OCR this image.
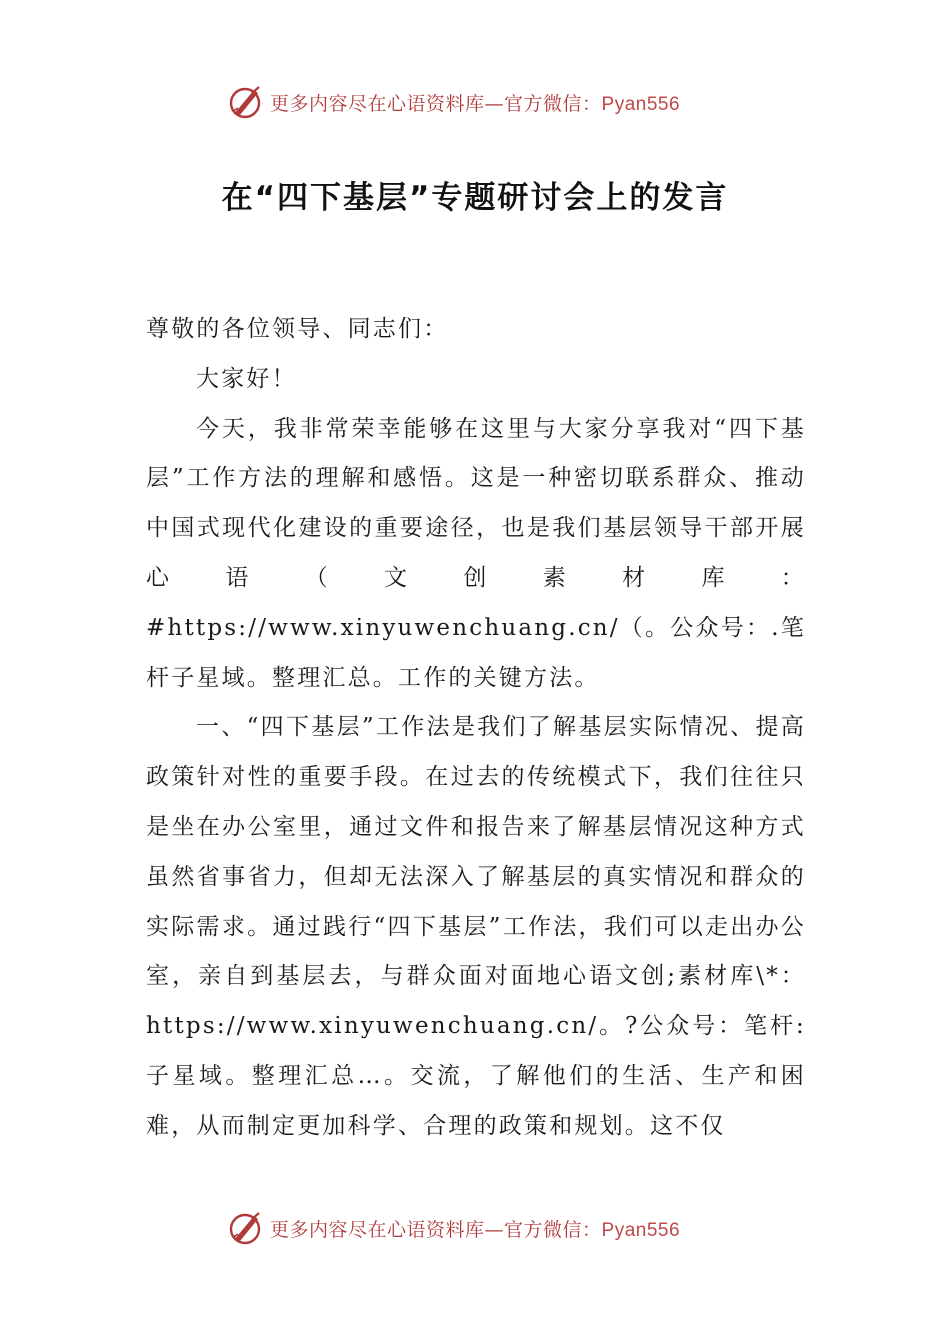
更多内容尽在心语资料库—官方微信：Pyan556
在“四下基层”专题研讨会上的发言

尊敬的各位领导、同志们：

大家好！

今天，我非常荣幸能够在这里与大家分享我对“四下基层”工作方法的理解和感悟。这是一种密切联系群众、推动中国式现代化建设的重要途径，也是我们基层领导干部开展心语（文创素材库：#https://www.xinyuwenchuang.cn/（。公众号：.笔杆子星域。整理汇总。工作的关键方法。

一、“四下基层”工作法是我们了解基层实际情况、提高政策针对性的重要手段。在过去的传统模式下，我们往往只是坐在办公室里，通过文件和报告来了解基层情况这种方式虽然省事省力，但却无法深入了解基层的真实情况和群众的实际需求。通过践行“四下基层”工作法，我们可以走出办公室，亲自到基层去，与群众面对面地心语文创;素材库\*：https://www.xinyuwenchuang.cn/。?公众号：笔杆:子星域。整理汇总…。交流，了解他们的生活、生产和困难，从而制定更加科学、合理的政策和规划。这不仅

更多内容尽在心语资料库—官方微信：Pyan556
